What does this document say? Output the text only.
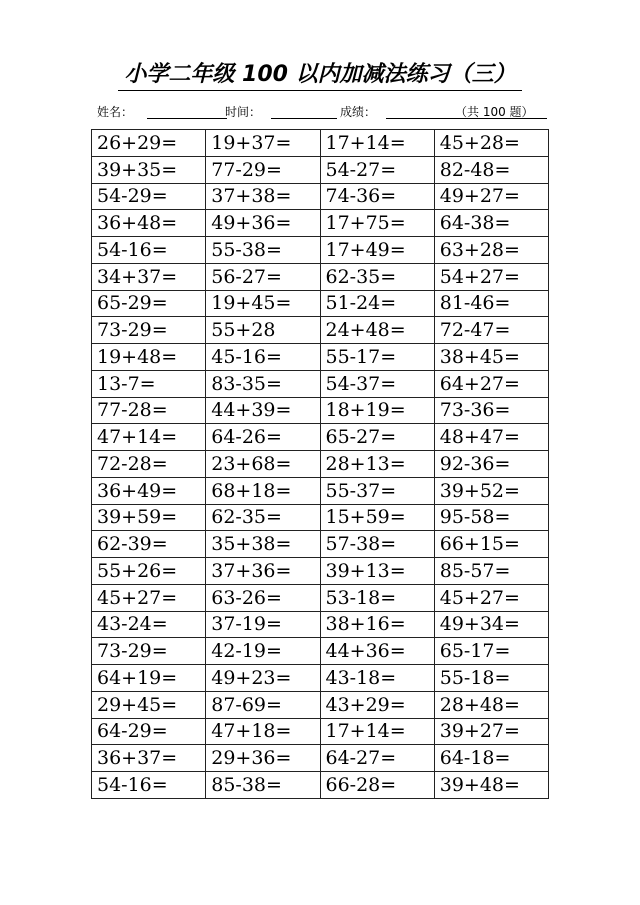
小学二年级 100 以内加减法练习（三）
姓名：	时间：	成绩：	（共 100 题）
26+29=	19+37=	17+14=	45+28=
39+35=	77-29=	54-27=	82-48=
54-29=	37+38=	74-36=	49+27=
36+48=	49+36=	17+75=	64-38=
54-16=	55-38=	17+49=	63+28=
34+37=	56-27=	62-35=	54+27=
65-29=	19+45=	51-24=	81-46=
73-29=	55+28	24+48=	72-47=
19+48=	45-16=	55-17=	38+45=
13-7=	83-35=	54-37=	64+27=
77-28=	44+39=	18+19=	73-36=
47+14=	64-26=	65-27=	48+47=
72-28=	23+68=	28+13=	92-36=
36+49=	68+18=	55-37=	39+52=
39+59=	62-35=	15+59=	95-58=
62-39=	35+38=	57-38=	66+15=
55+26=	37+36=	39+13=	85-57=
45+27=	63-26=	53-18=	45+27=
43-24=	37-19=	38+16=	49+34=
73-29=	42-19=	44+36=	65-17=
64+19=	49+23=	43-18=	55-18=
29+45=	87-69=	43+29=	28+48=
64-29=	47+18=	17+14=	39+27=
36+37=	29+36=	64-27=	64-18=
54-16=	85-38=	66-28=	39+48=
